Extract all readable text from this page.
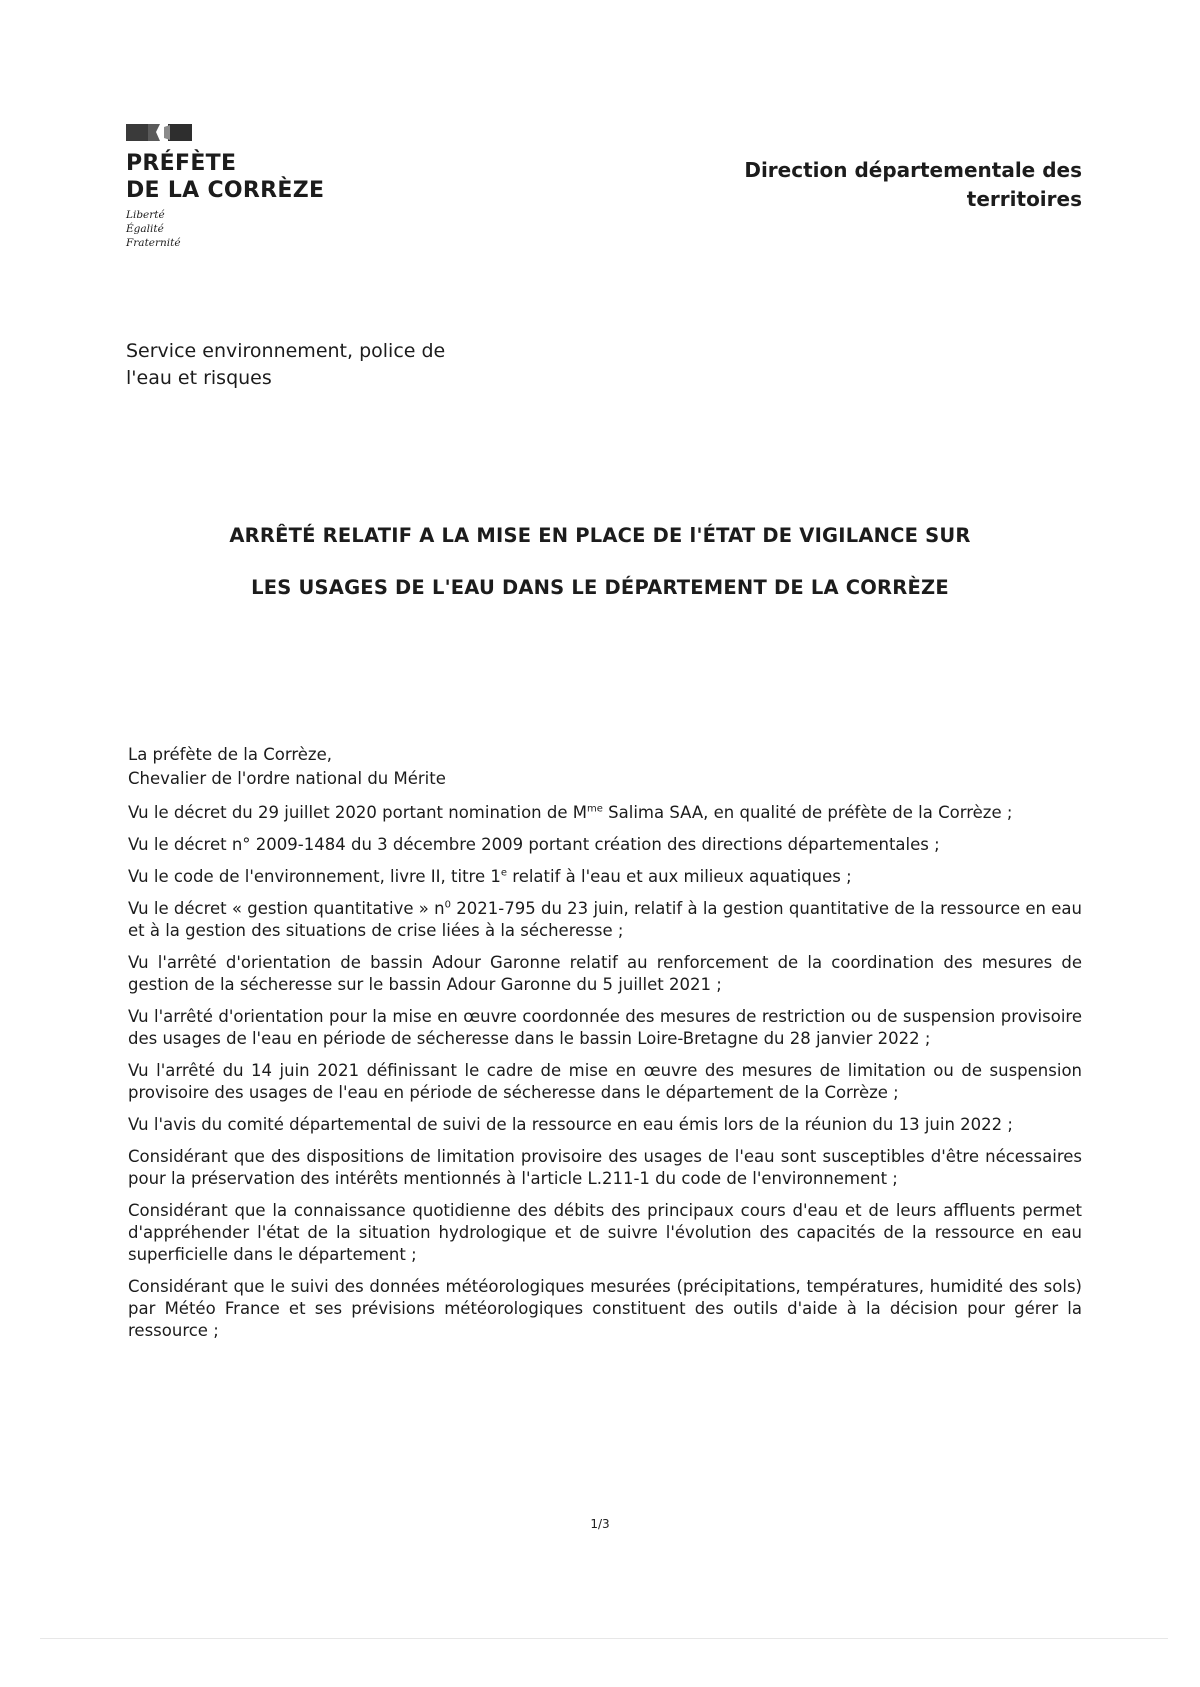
PRÉFÈTE
DE LA CORRÈZE
Liberté
Égalité
Fraternité
Direction départementale des territoires
Service environnement, police de
l'eau et risques
ARRÊTÉ RELATIF A LA MISE EN PLACE DE l'ÉTAT DE VIGILANCE SUR
LES USAGES DE L'EAU DANS LE DÉPARTEMENT DE LA CORRÈZE
La préfète de la Corrèze,
Chevalier de l'ordre national du Mérite

Vu le décret du 29 juillet 2020 portant nomination de $M^{me}$ Salima SAA, en qualité de préfète de la Corrèze ;

Vu le décret n° 2009-1484 du 3 décembre 2009 portant création des directions départementales ;

Vu le code de l'environnement, livre II, titre 1e relatif à l'eau et aux milieux aquatiques ;

Vu le décret « gestion quantitative » $n^0$ 2021-795 du 23 juin, relatif à la gestion quantitative de la ressource en eau et à la gestion des situations de crise liées à la sécheresse ;

Vu l'arrêté d'orientation de bassin Adour Garonne relatif au renforcement de la coordination des mesures de gestion de la sécheresse sur le bassin Adour Garonne du 5 juillet 2021 ;

Vu l'arrêté d'orientation pour la mise en œuvre coordonnée des mesures de restriction ou de suspension provisoire des usages de l'eau en période de sécheresse dans le bassin Loire-Bretagne du 28 janvier 2022 ;

Vu l'arrêté du 14 juin 2021 définissant le cadre de mise en œuvre des mesures de limitation ou de suspension provisoire des usages de l'eau en période de sécheresse dans le département de la Corrèze ;

Vu l'avis du comité départemental de suivi de la ressource en eau émis lors de la réunion du 13 juin 2022 ;

Considérant que des dispositions de limitation provisoire des usages de l'eau sont susceptibles d'être nécessaires pour la préservation des intérêts mentionnés à l'article L.211-1 du code de l'environnement ;

Considérant que la connaissance quotidienne des débits des principaux cours d'eau et de leurs affluents permet d'appréhender l'état de la situation hydrologique et de suivre l'évolution des capacités de la ressource en eau superficielle dans le département ;

Considérant que le suivi des données météorologiques mesurées (précipitations, températures, humidité des sols) par Météo France et ses prévisions météorologiques constituent des outils d'aide à la décision pour gérer la ressource ;

1/3
